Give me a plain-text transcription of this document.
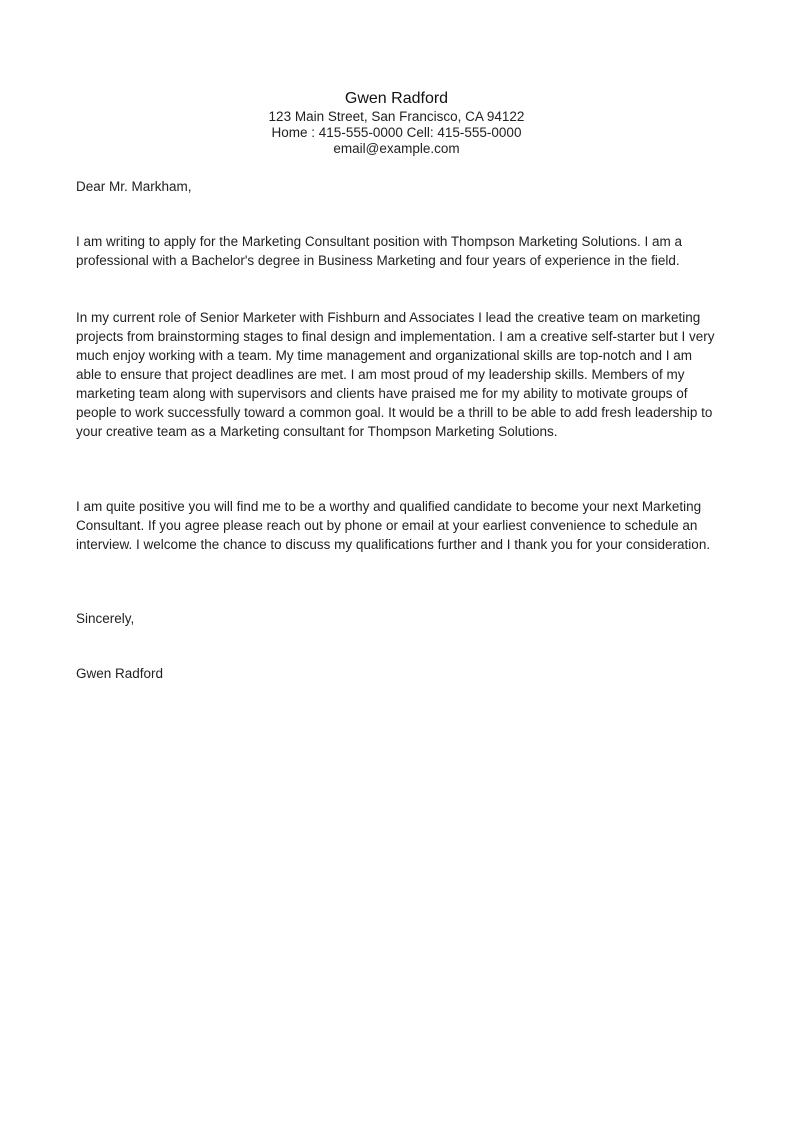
Gwen Radford

123 Main Street, San Francisco, CA 94122

Home : 415-555-0000 Cell: 415-555-0000

email@example.com

Dear Mr. Markham,

I am writing to apply for the Marketing Consultant position with Thompson Marketing Solutions. I am a professional with a Bachelor's degree in Business Marketing and four years of experience in the field.

In my current role of Senior Marketer with Fishburn and Associates I lead the creative team on marketing projects from brainstorming stages to final design and implementation. I am a creative self-starter but I very much enjoy working with a team. My time management and organizational skills are top-notch and I am able to ensure that project deadlines are met. I am most proud of my leadership skills. Members of my marketing team along with supervisors and clients have praised me for my ability to motivate groups of people to work successfully toward a common goal. It would be a thrill to be able to add fresh leadership to your creative team as a Marketing consultant for Thompson Marketing Solutions.

I am quite positive you will find me to be a worthy and qualified candidate to become your next Marketing Consultant. If you agree please reach out by phone or email at your earliest convenience to schedule an interview. I welcome the chance to discuss my qualifications further and I thank you for your consideration.

Sincerely,

Gwen Radford
